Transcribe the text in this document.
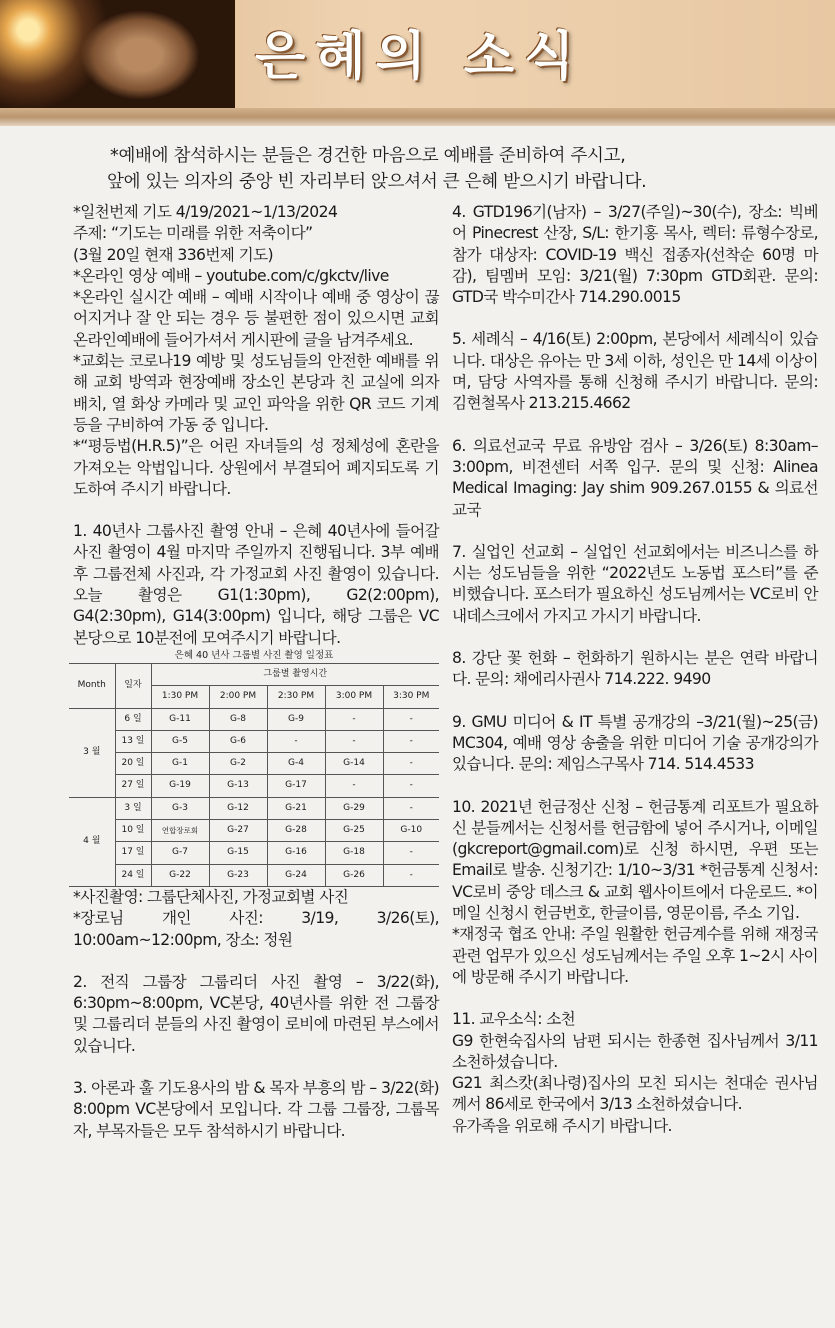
은혜의 소식
*예배에 참석하시는 분들은 경건한 마음으로 예배를 준비하여 주시고,
앞에 있는 의자의 중앙 빈 자리부터 앉으셔서 큰 은혜 받으시기 바랍니다.

*일천번제 기도 4/19/2021~1/13/2024

주제: “기도는 미래를 위한 저축이다”

(3월 20일 현재 336번제 기도)

*온라인 영상 예배 – youtube.com/c/gkctv/live

*온라인 실시간 예배 – 예배 시작이나 예배 중 영상이 끊어지거나 잘 안 되는 경우 등 불편한 점이 있으시면 교회 온라인예배에 들어가셔서 게시판에 글을 남겨주세요.

*교회는 코로나19 예방 및 성도님들의 안전한 예배를 위해 교회 방역과 현장예배 장소인 본당과 친 교실에 의자 배치, 열 화상 카메라 및 교인 파악을 위한 QR 코드 기계 등을 구비하여 가동 중 입니다.

*“평등법(H.R.5)”은 어린 자녀들의 성 정체성에 혼란을 가져오는 악법입니다. 상원에서 부결되어 폐지되도록 기도하여 주시기 바랍니다.

1. 40년사 그룹사진 촬영 안내 – 은혜 40년사에 들어갈 사진 촬영이 4월 마지막 주일까지 진행됩니다. 3부 예배 후 그룹전체 사진과, 각 가정교회 사진 촬영이 있습니다. 오늘 촬영은 G1(1:30pm), G2(2:00pm), G4(2:30pm), G14(3:00pm) 입니다, 해당 그룹은 VC본당으로 10분전에 모여주시기 바랍니다.

은혜 40 년사 그룹별 사진 촬영 일정표
Month	일자	그룹별 촬영시간				
		1:30 PM	2:00 PM	2:30 PM	3:00 PM	3:30 PM
3 월	6 일	G-11	G-8	G-9	-	-
	13 일	G-5	G-6	-	-	-
	20 일	G-1	G-2	G-4	G-14	-
	27 일	G-19	G-13	G-17	-	-
4 월	3 일	G-3	G-12	G-21	G-29	-
	10 일	연합장로회	G-27	G-28	G-25	G-10
	17 일	G-7	G-15	G-16	G-18	-
	24 일	G-22	G-23	G-24	G-26	-

*사진촬영: 그룹단체사진, 가정교회별 사진

*장로님 개인 사진: 3/19, 3/26(토), 10:00am~12:00pm, 장소: 정원

2. 전직 그룹장 그룹리더 사진 촬영 – 3/22(화), 6:30pm~8:00pm, VC본당, 40년사를 위한 전 그룹장 및 그룹리더 분들의 사진 촬영이 로비에 마련된 부스에서 있습니다.

3. 아론과 훌 기도용사의 밤 & 목자 부흥의 밤 – 3/22(화) 8:00pm VC본당에서 모입니다. 각 그룹 그룹장, 그룹목자, 부목자들은 모두 참석하시기 바랍니다.

4. GTD196기(남자) – 3/27(주일)~30(수), 장소: 빅베어 Pinecrest 산장, S/L: 한기홍 목사, 렉터: 류형수장로, 참가 대상자: COVID-19 백신 접종자(선착순 60명 마감), 팀멤버 모임: 3/21(월) 7:30pm GTD회관. 문의: GTD국 박수미간사 714.290.0015

5. 세례식 – 4/16(토) 2:00pm, 본당에서 세례식이 있습니다. 대상은 유아는 만 3세 이하, 성인은 만 14세 이상이며, 담당 사역자를 통해 신청해 주시기 바랍니다. 문의: 김현철목사 213.215.4662

6. 의료선교국 무료 유방암 검사 – 3/26(토) 8:30am–3:00pm, 비젼센터 서쪽 입구. 문의 및 신청: Alinea Medical Imaging: Jay shim 909.267.0155 & 의료선교국

7. 실업인 선교회 – 실업인 선교회에서는 비즈니스를 하시는 성도님들을 위한 “2022년도 노동법 포스터”를 준비했습니다. 포스터가 필요하신 성도님께서는 VC로비 안내데스크에서 가지고 가시기 바랍니다.

8. 강단 꽃 헌화 – 헌화하기 원하시는 분은 연락 바랍니다. 문의: 채에리사권사 714.222. 9490

9. GMU 미디어 & IT 특별 공개강의 –3/21(월)~25(금) MC304, 예배 영상 송출을 위한 미디어 기술 공개강의가 있습니다. 문의: 제임스구목사 714. 514.4533

10. 2021년 헌금정산 신청 – 헌금통계 리포트가 필요하신 분들께서는 신청서를 헌금함에 넣어 주시거나, 이메일(gkcreport@gmail.com)로 신청 하시면, 우편 또는 Email로 발송. 신청기간: 1/10~3/31 *헌금통계 신청서: VC로비 중앙 데스크 & 교회 웹사이트에서 다운로드. *이메일 신청시 헌금번호, 한글이름, 영문이름, 주소 기입.

*재정국 협조 안내: 주일 원활한 헌금계수를 위해 재정국 관련 업무가 있으신 성도님께서는 주일 오후 1~2시 사이에 방문해 주시기 바랍니다.

11. 교우소식: 소천

G9 한현숙집사의 남편 되시는 한종현 집사님께서 3/11 소천하셨습니다.

G21 최스캇(최나령)집사의 모친 되시는 천대순 권사님께서 86세로 한국에서 3/13 소천하셨습니다.

유가족을 위로해 주시기 바랍니다.
